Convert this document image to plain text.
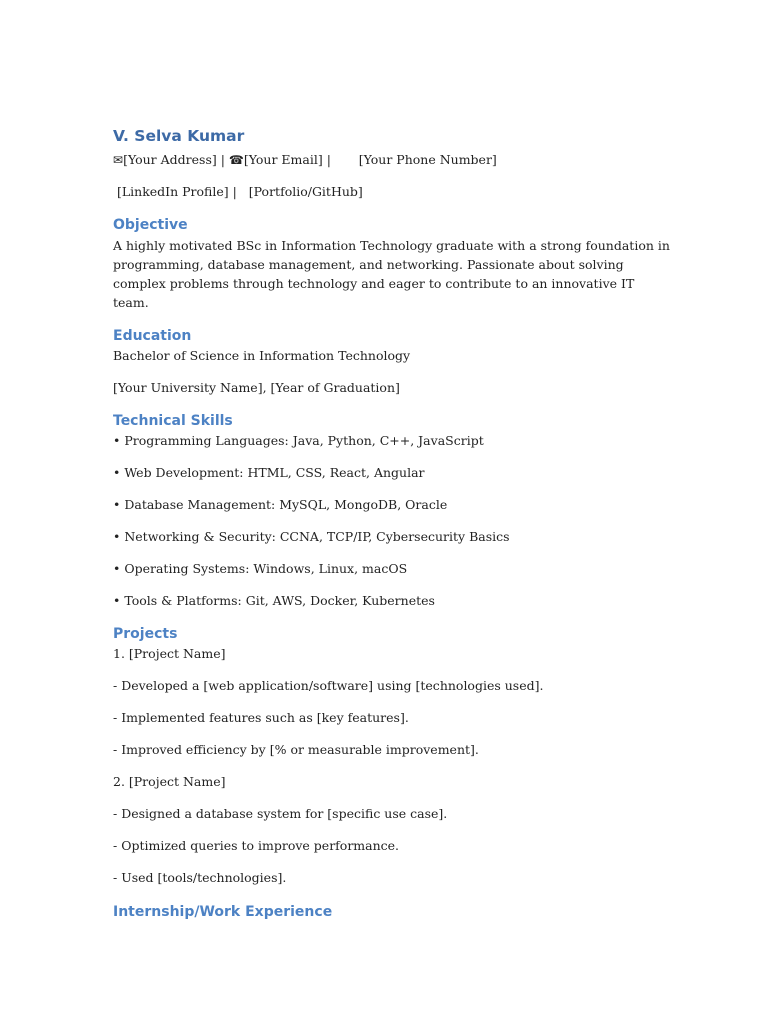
V. Selva Kumar

✉[Your Address] | ☎[Your Email] |       [Your Phone Number]

[LinkedIn Profile] |   [Portfolio/GitHub]

Objective

A highly motivated BSc in Information Technology graduate with a strong foundation in programming, database management, and networking. Passionate about solving complex problems through technology and eager to contribute to an innovative IT team.

Education

Bachelor of Science in Information Technology

[Your University Name], [Year of Graduation]

Technical Skills

• Programming Languages: Java, Python, C++, JavaScript

• Web Development: HTML, CSS, React, Angular

• Database Management: MySQL, MongoDB, Oracle

• Networking & Security: CCNA, TCP/IP, Cybersecurity Basics

• Operating Systems: Windows, Linux, macOS

• Tools & Platforms: Git, AWS, Docker, Kubernetes

Projects

1. [Project Name]

- Developed a [web application/software] using [technologies used].

- Implemented features such as [key features].

- Improved efficiency by [% or measurable improvement].

2. [Project Name]

- Designed a database system for [specific use case].

- Optimized queries to improve performance.

- Used [tools/technologies].

Internship/Work Experience
